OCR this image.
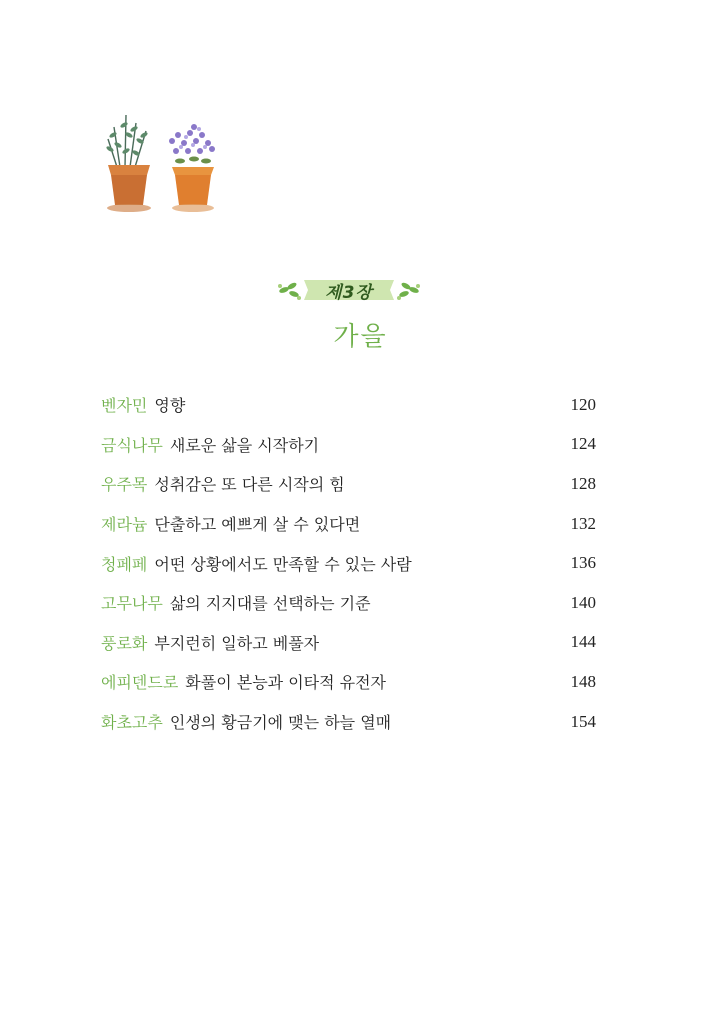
제3장
가을
벤자민 영향	120
금식나무 새로운 삶을 시작하기	124
우주목 성취감은 또 다른 시작의 힘	128
제라늄 단출하고 예쁘게 살 수 있다면	132
청페페 어떤 상황에서도 만족할 수 있는 사람	136
고무나무 삶의 지지대를 선택하는 기준	140
풍로화 부지런히 일하고 베풀자	144
에피덴드로 화풀이 본능과 이타적 유전자	148
화초고추 인생의 황금기에 맺는 하늘 열매	154
